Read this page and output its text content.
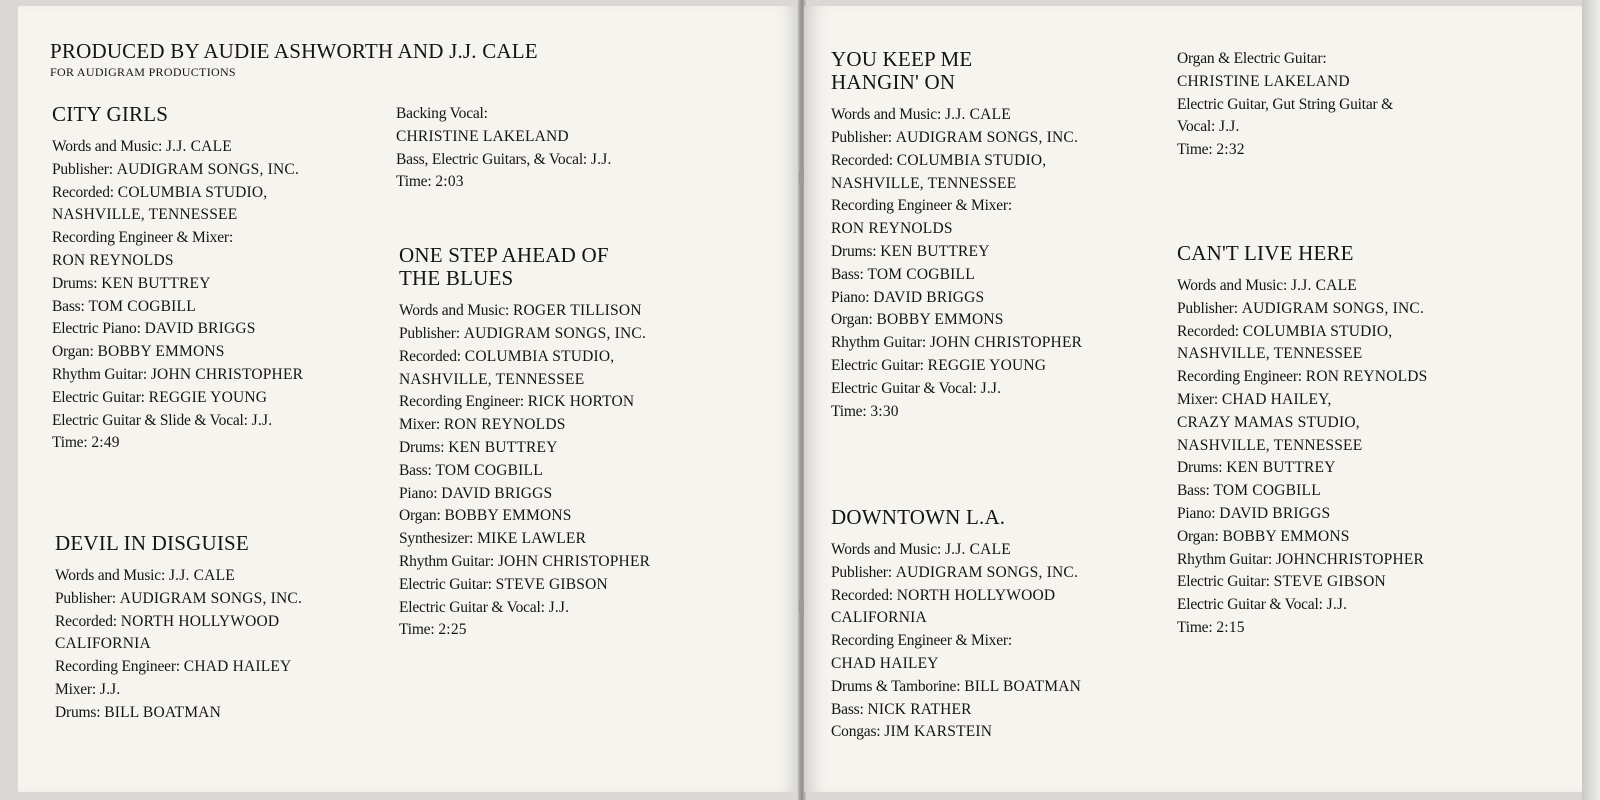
PRODUCED BY AUDIE ASHWORTH AND J.J. CALE

FOR AUDIGRAM PRODUCTIONS

CITY GIRLS

Words and Music: J.J. CALE
Publisher: AUDIGRAM SONGS, INC.
Recorded: COLUMBIA STUDIO,
NASHVILLE, TENNESSEE
Recording Engineer & Mixer:
RON REYNOLDS
Drums: KEN BUTTREY
Bass: TOM COGBILL
Electric Piano: DAVID BRIGGS
Organ: BOBBY EMMONS
Rhythm Guitar: JOHN CHRISTOPHER
Electric Guitar: REGGIE YOUNG
Electric Guitar & Slide & Vocal: J.J.
Time: 2:49
Backing Vocal:
CHRISTINE LAKELAND
Bass, Electric Guitars, & Vocal: J.J.
Time: 2:03

ONE STEP AHEAD OF

THE BLUES

Words and Music: ROGER TILLISON
Publisher: AUDIGRAM SONGS, INC.
Recorded: COLUMBIA STUDIO,
NASHVILLE, TENNESSEE
Recording Engineer: RICK HORTON
Mixer: RON REYNOLDS
Drums: KEN BUTTREY
Bass: TOM COGBILL
Piano: DAVID BRIGGS
Organ: BOBBY EMMONS
Synthesizer: MIKE LAWLER
Rhythm Guitar: JOHN CHRISTOPHER
Electric Guitar: STEVE GIBSON
Electric Guitar & Vocal: J.J.
Time: 2:25

DEVIL IN DISGUISE

Words and Music: J.J. CALE
Publisher: AUDIGRAM SONGS, INC.
Recorded: NORTH HOLLYWOOD
CALIFORNIA
Recording Engineer: CHAD HAILEY
Mixer: J.J.
Drums: BILL BOATMAN

YOU KEEP ME

HANGIN' ON

Words and Music: J.J. CALE
Publisher: AUDIGRAM SONGS, INC.
Recorded: COLUMBIA STUDIO,
NASHVILLE, TENNESSEE
Recording Engineer & Mixer:
RON REYNOLDS
Drums: KEN BUTTREY
Bass: TOM COGBILL
Piano: DAVID BRIGGS
Organ: BOBBY EMMONS
Rhythm Guitar: JOHN CHRISTOPHER
Electric Guitar: REGGIE YOUNG
Electric Guitar & Vocal: J.J.
Time: 3:30

DOWNTOWN L.A.

Words and Music: J.J. CALE
Publisher: AUDIGRAM SONGS, INC.
Recorded: NORTH HOLLYWOOD
CALIFORNIA
Recording Engineer & Mixer:
CHAD HAILEY
Drums & Tamborine: BILL BOATMAN
Bass: NICK RATHER
Congas: JIM KARSTEIN
Organ & Electric Guitar:
CHRISTINE LAKELAND
Electric Guitar, Gut String Guitar &
Vocal: J.J.
Time: 2:32

CAN'T LIVE HERE

Words and Music: J.J. CALE
Publisher: AUDIGRAM SONGS, INC.
Recorded: COLUMBIA STUDIO,
NASHVILLE, TENNESSEE
Recording Engineer: RON REYNOLDS
Mixer: CHAD HAILEY,
CRAZY MAMAS STUDIO,
NASHVILLE, TENNESSEE
Drums: KEN BUTTREY
Bass: TOM COGBILL
Piano: DAVID BRIGGS
Organ: BOBBY EMMONS
Rhythm Guitar: JOHNCHRISTOPHER
Electric Guitar: STEVE GIBSON
Electric Guitar & Vocal: J.J.
Time: 2:15
